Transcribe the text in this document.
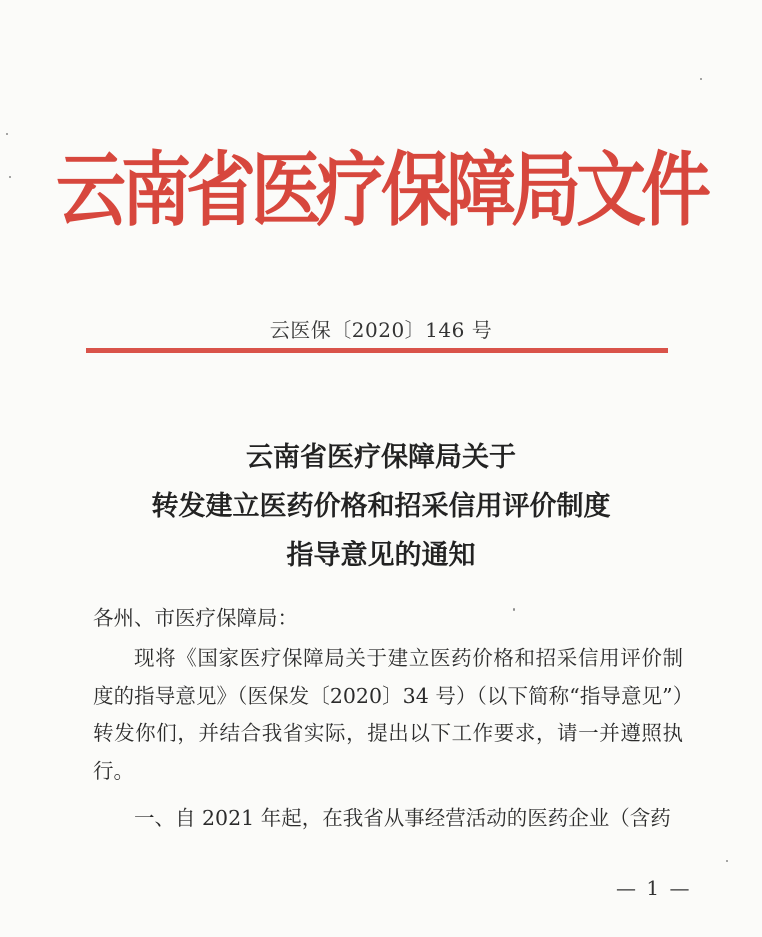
云南省医疗保障局文件
云医保〔2020〕146 号
云南省医疗保障局关于
转发建立医药价格和招采信用评价制度
指导意见的通知
各州、市医疗保障局：
现将《国家医疗保障局关于建立医药价格和招采信用评价制度的指导意见》（医保发〔2020〕34 号）（以下简称“指导意见”）转发你们，并结合我省实际，提出以下工作要求，请一并遵照执行。
一、自 2021 年起，在我省从事经营活动的医药企业（含药
— 1 —
